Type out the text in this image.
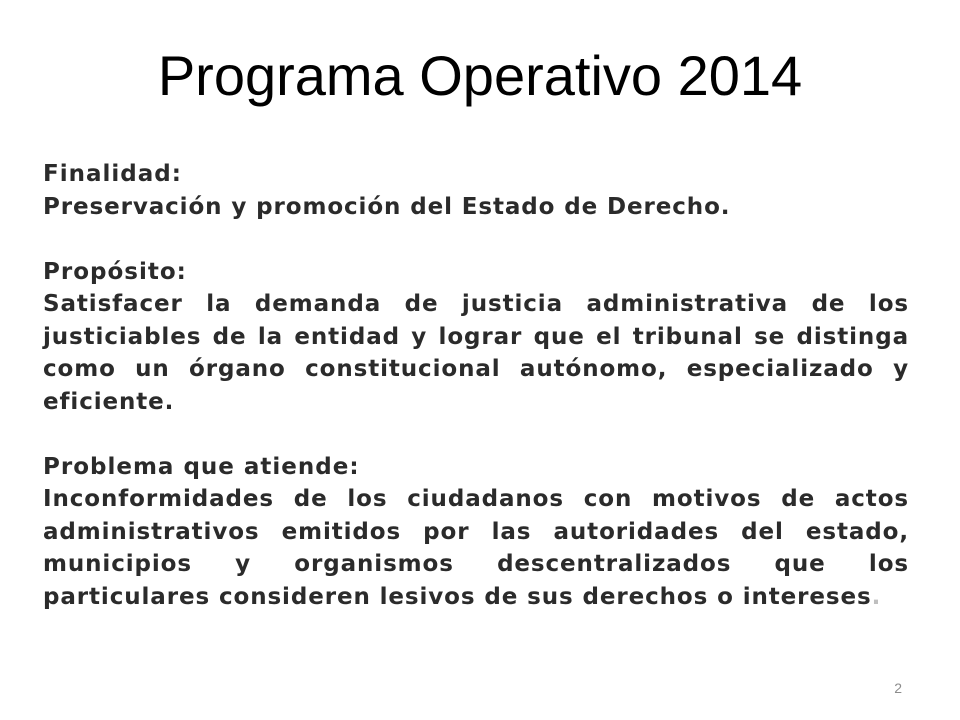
Programa Operativo 2014
Finalidad:
Preservación y promoción del Estado de Derecho.
Propósito:
Satisfacer la demanda de justicia administrativa de los justiciables de la entidad y lograr que el tribunal se distinga como un órgano constitucional autónomo, especializado y eficiente.
Problema que atiende:
Inconformidades de los ciudadanos con motivos de actos administrativos emitidos por las autoridades del estado, municipios y organismos descentralizados que los particulares consideren lesivos de sus derechos o intereses.
2
